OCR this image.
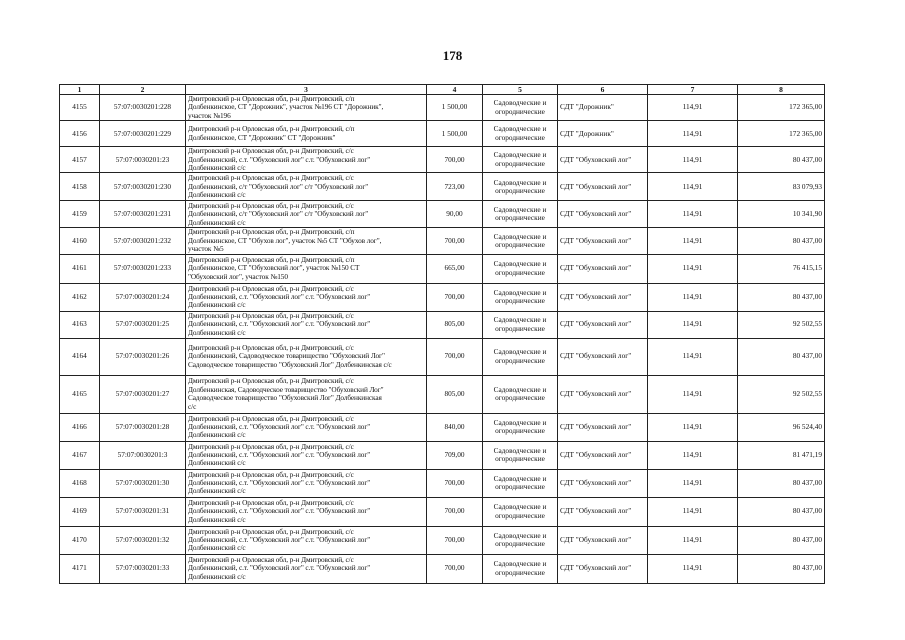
178
1	2	3	4	5	6	7	8
4155	57:07:0030201:228	Дмитровский р-н Орловская обл, р-н Дмитровский, с/п
Долбенкинское, СТ "Дорожник", участок №196 СТ "Дорожник",
участок №196	1 500,00	Садоводческие и огороднические	СДТ "Дорожник"	114,91	172 365,00
4156	57:07:0030201:229	Дмитровский р-н Орловская обл, р-н Дмитровский, с/п
Долбенкинское, СТ "Дорожник" СТ "Дорожник"	1 500,00	Садоводческие и огороднические	СДТ "Дорожник"	114,91	172 365,00
4157	57:07:0030201:23	Дмитровский р-н Орловская обл, р-н Дмитровский, с/с
Долбенкинский, с.т. "Обуховский лог" с.т. "Обуховский лог"
Долбенкинский с/с	700,00	Садоводческие и огороднические	СДТ "Обуховский лог"	114,91	80 437,00
4158	57:07:0030201:230	Дмитровский р-н Орловская обл, р-н Дмитровский, с/с
Долбенкинский, с/т "Обуховский лог" с/т "Обуховский лог"
Долбенкинский с/с	723,00	Садоводческие и огороднические	СДТ "Обуховский лог"	114,91	83 079,93
4159	57:07:0030201:231	Дмитровский р-н Орловская обл, р-н Дмитровский, с/с
Долбенкинский, с/т "Обуховский лог" с/т "Обуховский лог"
Долбенкинский с/с	90,00	Садоводческие и огороднические	СДТ "Обуховский лог"	114,91	10 341,90
4160	57:07:0030201:232	Дмитровский р-н Орловская обл, р-н Дмитровский, с/п
Долбенкинское, СТ "Обухов лог", участок №5 СТ "Обухов лог",
участок №5	700,00	Садоводческие и огороднические	СДТ "Обуховский лог"	114,91	80 437,00
4161	57:07:0030201:233	Дмитровский р-н Орловская обл, р-н Дмитровский, с/п
Долбенкинское, СТ "Обуховский лог", участок №150 СТ
"Обуховский лог", участок №150	665,00	Садоводческие и огороднические	СДТ "Обуховский лог"	114,91	76 415,15
4162	57:07:0030201:24	Дмитровский р-н Орловская обл, р-н Дмитровский, с/с
Долбенкинский, с.т. "Обуховский лог" с.т. "Обуховский лог"
Долбенкинский с/с	700,00	Садоводческие и огороднические	СДТ "Обуховский лог"	114,91	80 437,00
4163	57:07:0030201:25	Дмитровский р-н Орловская обл, р-н Дмитровский, с/с
Долбенкинский, с.т. "Обуховский лог" с.т. "Обуховский лог"
Долбенкинский с/с	805,00	Садоводческие и огороднические	СДТ "Обуховский лог"	114,91	92 502,55
4164	57:07:0030201:26	Дмитровский р-н Орловская обл, р-н Дмитровский, с/с
Долбенкинский, Садоводческое товарищество "Обуховский Лог"
Садоводческое товарищество "Обуховский Лог" Долбенкинская с/с	700,00	Садоводческие и огороднические	СДТ "Обуховский лог"	114,91	80 437,00
4165	57:07:0030201:27	Дмитровский р-н Орловская обл, р-н Дмитровский, с/с
Долбенкинская, Садоводческое товарищество "Обуховский Лог"
Садоводческое товарищество "Обуховский Лог" Долбенкинская
с/с	805,00	Садоводческие и огороднические	СДТ "Обуховский лог"	114,91	92 502,55
4166	57:07:0030201:28	Дмитровский р-н Орловская обл, р-н Дмитровский, с/с
Долбенкинский, с.т. "Обуховский лог" с.т. "Обуховский лог"
Долбенкинский с/с	840,00	Садоводческие и огороднические	СДТ "Обуховский лог"	114,91	96 524,40
4167	57:07:0030201:3	Дмитровский р-н Орловская обл, р-н Дмитровский, с/с
Долбенкинский, с.т. "Обуховский лог" с.т. "Обуховский лог"
Долбенкинский с/с	709,00	Садоводческие и огороднические	СДТ "Обуховский лог"	114,91	81 471,19
4168	57:07:0030201:30	Дмитровский р-н Орловская обл, р-н Дмитровский, с/с
Долбенкинский, с.т. "Обуховский лог" с.т. "Обуховский лог"
Долбенкинский с/с	700,00	Садоводческие и огороднические	СДТ "Обуховский лог"	114,91	80 437,00
4169	57:07:0030201:31	Дмитровский р-н Орловская обл, р-н Дмитровский, с/с
Долбенкинский, с.т. "Обуховский лог" с.т. "Обуховский лог"
Долбенкинский с/с	700,00	Садоводческие и огороднические	СДТ "Обуховский лог"	114,91	80 437,00
4170	57:07:0030201:32	Дмитровский р-н Орловская обл, р-н Дмитровский, с/с
Долбенкинский, с.т. "Обуховский лог" с.т. "Обуховский лог"
Долбенкинский с/с	700,00	Садоводческие и огороднические	СДТ "Обуховский лог"	114,91	80 437,00
4171	57:07:0030201:33	Дмитровский р-н Орловская обл, р-н Дмитровский, с/с
Долбенкинский, с.т. "Обуховский лог" с.т. "Обуховский лог"
Долбенкинский с/с	700,00	Садоводческие и огороднические	СДТ "Обуховский лог"	114,91	80 437,00
